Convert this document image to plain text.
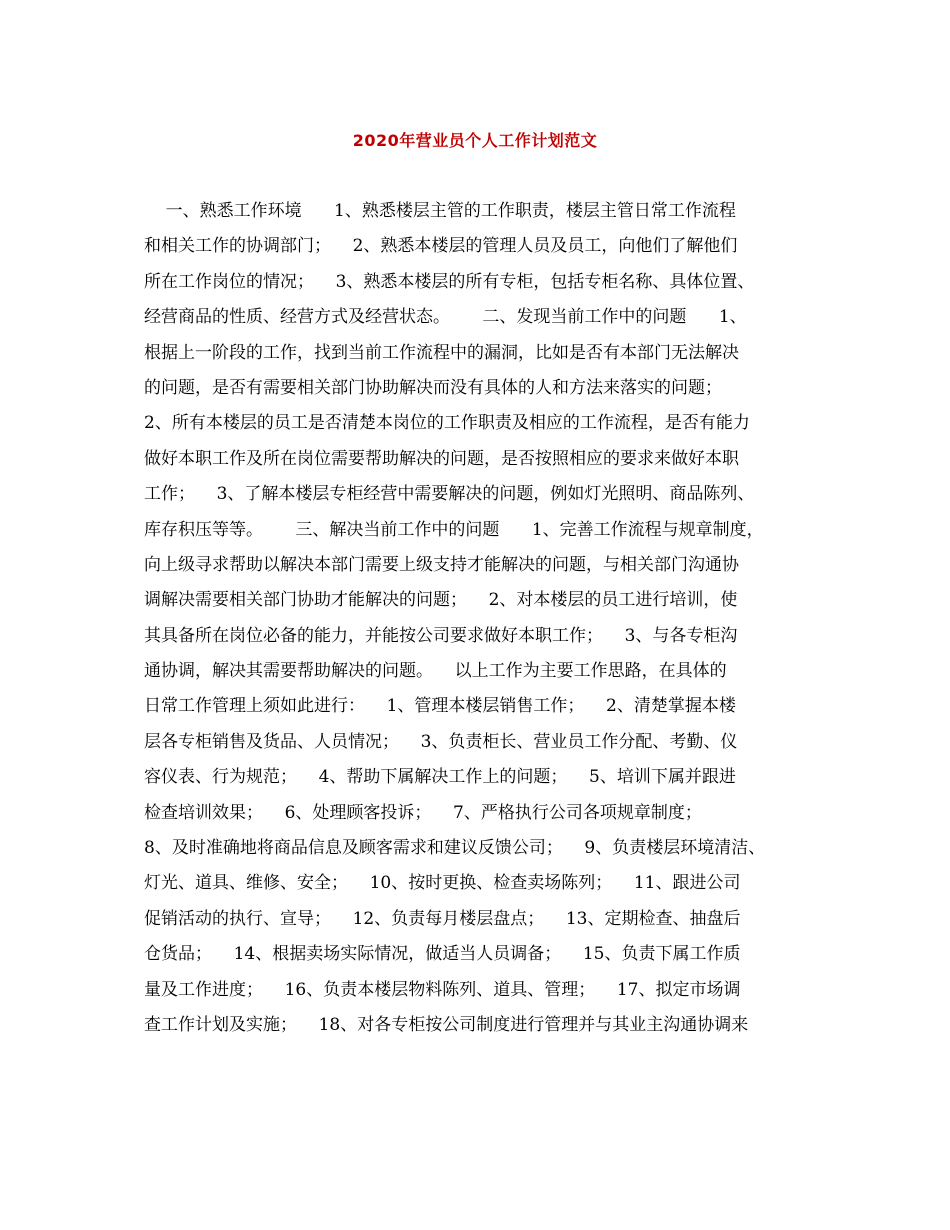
2020年营业员个人工作计划范文
一、熟悉工作环境      1、熟悉楼层主管的工作职责，楼层主管日常工作流程
和相关工作的协调部门；    2、熟悉本楼层的管理人员及员工，向他们了解他们
所在工作岗位的情况；    3、熟悉本楼层的所有专柜，包括专柜名称、具体位置、
经营商品的性质、经营方式及经营状态。      二、发现当前工作中的问题      1、
根据上一阶段的工作，找到当前工作流程中的漏洞，比如是否有本部门无法解决
的问题，是否有需要相关部门协助解决而没有具体的人和方法来落实的问题；
2、所有本楼层的员工是否清楚本岗位的工作职责及相应的工作流程，是否有能力
做好本职工作及所在岗位需要帮助解决的问题，是否按照相应的要求来做好本职
工作；    3、了解本楼层专柜经营中需要解决的问题，例如灯光照明、商品陈列、
库存积压等等。      三、解决当前工作中的问题      1、完善工作流程与规章制度，
向上级寻求帮助以解决本部门需要上级支持才能解决的问题，与相关部门沟通协
调解决需要相关部门协助才能解决的问题；    2、对本楼层的员工进行培训，使
其具备所在岗位必备的能力，并能按公司要求做好本职工作；    3、与各专柜沟
通协调，解决其需要帮助解决的问题。    以上工作为主要工作思路，在具体的
日常工作管理上须如此进行：    1、管理本楼层销售工作；    2、清楚掌握本楼
层各专柜销售及货品、人员情况；    3、负责柜长、营业员工作分配、考勤、仪
容仪表、行为规范；    4、帮助下属解决工作上的问题；    5、培训下属并跟进
检查培训效果；    6、处理顾客投诉；    7、严格执行公司各项规章制度；
8、及时准确地将商品信息及顾客需求和建议反馈公司；    9、负责楼层环境清洁、
灯光、道具、维修、安全；    10、按时更换、检查卖场陈列；    11、跟进公司
促销活动的执行、宣导；    12、负责每月楼层盘点；    13、定期检查、抽盘后
仓货品；    14、根据卖场实际情况，做适当人员调备；    15、负责下属工作质
量及工作进度；    16、负责本楼层物料陈列、道具、管理；    17、拟定市场调
查工作计划及实施；    18、对各专柜按公司制度进行管理并与其业主沟通协调来
